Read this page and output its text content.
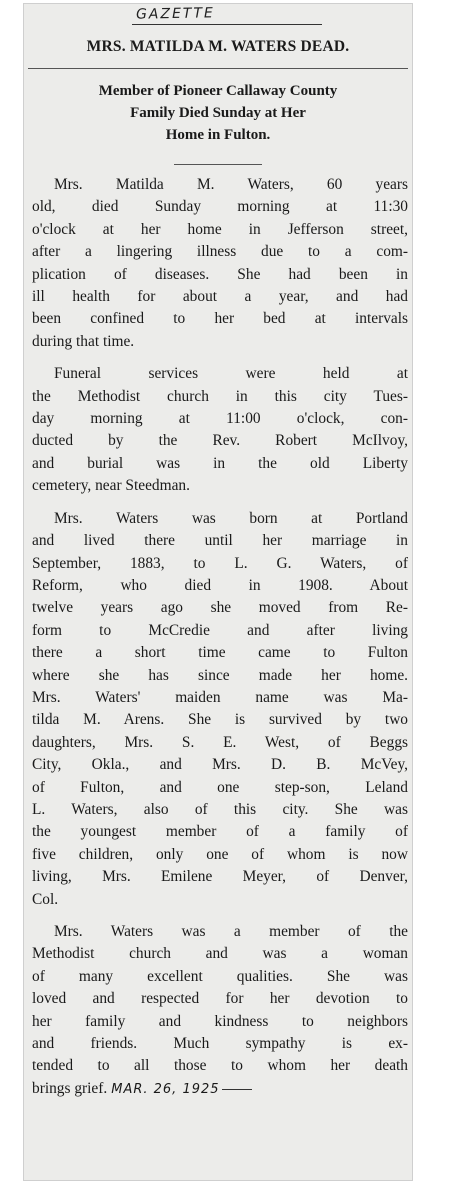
GAZETTE
MRS. MATILDA M. WATERS DEAD.
Member of Pioneer Callaway County
Family Died Sunday at Her
Home in Fulton.
Mrs. Matilda M. Waters, 60 years
old, died Sunday morning at 11:30
o'clock at her home in Jefferson street,
after a lingering illness due to a com-
plication of diseases. She had been in
ill health for about a year, and had
been confined to her bed at intervals
during that time.
Funeral services were held at
the Methodist church in this city Tues-
day morning at 11:00 o'clock, con-
ducted by the Rev. Robert McIlvoy,
and burial was in the old Liberty
cemetery, near Steedman.
Mrs. Waters was born at Portland
and lived there until her marriage in
September, 1883, to L. G. Waters, of
Reform, who died in 1908. About
twelve years ago she moved from Re-
form to McCredie and after living
there a short time came to Fulton
where she has since made her home.
Mrs. Waters' maiden name was Ma-
tilda M. Arens. She is survived by two
daughters, Mrs. S. E. West, of Beggs
City, Okla., and Mrs. D. B. McVey,
of Fulton, and one step-son, Leland
L. Waters, also of this city. She was
the youngest member of a family of
five children, only one of whom is now
living, Mrs. Emilene Meyer, of Denver,
Col.
Mrs. Waters was a member of the
Methodist church and was a woman
of many excellent qualities. She was
loved and respected for her devotion to
her family and kindness to neighbors
and friends. Much sympathy is ex-
tended to all those to whom her death
brings grief. MAR. 26, 1925
